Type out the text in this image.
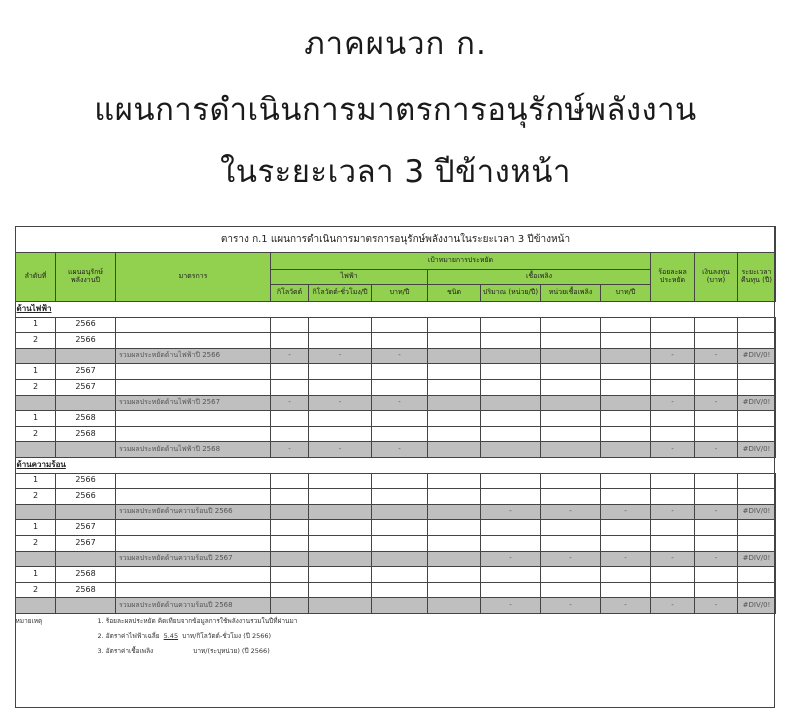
ภาคผนวก ก.
แผนการดำเนินการมาตรการอนุรักษ์พลังงาน
ในระยะเวลา 3 ปีข้างหน้า
ตาราง ก.1 แผนการดำเนินการมาตรการอนุรักษ์พลังงานในระยะเวลา 3 ปีข้างหน้า												
ลำดับที่	แผนอนุรักษ์พลังงานปี	มาตรการ	เป้าหมายการประหยัด							ร้อยละผลประหยัด	เงินลงทุน (บาท)	ระยะเวลาคืนทุน (ปี)
			ไฟฟ้า			เชื้อเพลิง						
			กิโลวัตต์	กิโลวัตต์-ชั่วโมง/ปี	บาท/ปี	ชนิด	ปริมาณ (หน่วย/ปี)	หน่วยเชื้อเพลิง	บาท/ปี			
ด้านไฟฟ้า												
1	2566											
2	2566											
		รวมผลประหยัดด้านไฟฟ้าปี 2566	-	-	-					-	-	#DIV/0!
1	2567											
2	2567											
		รวมผลประหยัดด้านไฟฟ้าปี 2567	-	-	-					-	-	#DIV/0!
1	2568											
2	2568											
		รวมผลประหยัดด้านไฟฟ้าปี 2568	-	-	-					-	-	#DIV/0!
ด้านความร้อน												
1	2566											
2	2566											
		รวมผลประหยัดด้านความร้อนปี 2566					-	-	-	-	-	#DIV/0!
1	2567											
2	2567											
		รวมผลประหยัดด้านความร้อนปี 2567					-	-	-	-	-	#DIV/0!
1	2568											
2	2568											
		รวมผลประหยัดด้านความร้อนปี 2568					-	-	-	-	-	#DIV/0!
หมายเหตุ	1. ร้อยละผลประหยัด คิดเทียบจากข้อมูลการใช้พลังงานรวมในปีที่ผ่านมา											
	2. อัตราค่าไฟฟ้าเฉลี่ย 5.45 บาท/กิโลวัตต์-ชั่วโมง (ปี 2566)											
	3. อัตราค่าเชื้อเพลิง บาท/(ระบุหน่วย) (ปี 2566)											
